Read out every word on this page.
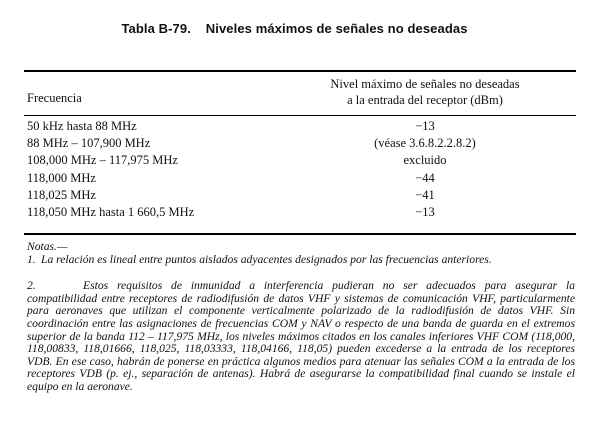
Tabla B-79.    Niveles máximos de señales no deseadas
Frecuencia
Nivel máximo de señales no deseadas
a la entrada del receptor (dBm)
50 kHz hasta 88 MHz	−13
88 MHz – 107,900 MHz	(véase 3.6.8.2.2.8.2)
108,000 MHz – 117,975 MHz	excluido
118,000 MHz	−44
118,025 MHz	−41
118,050 MHz hasta 1 660,5 MHz	−13

Notas.—

1. La relación es lineal entre puntos aislados adyacentes designados por las frecuencias anteriores.

2.	Estos requisitos de inmunidad a interferencia pudieran no ser adecuados para asegurar la compatibilidad entre receptores de radiodifusión de datos VHF y sistemas de comunicación VHF, particularmente para aeronaves que utilizan el componente verticalmente polarizado de la radiodifusión de datos VHF. Sin coordinación entre las asignaciones de frecuencias COM y NAV o respecto de una banda de guarda en el extremos superior de la banda 112 – 117,975 MHz, los niveles máximos citados en los canales inferiores VHF COM (118,000, 118,00833, 118,01666, 118,025, 118,03333, 118,04166, 118,05) pueden excederse a la entrada de los receptores VDB. En ese caso, habrán de ponerse en práctica algunos medios para atenuar las señales COM a la entrada de los receptores VDB (p. ej., separación de antenas). Habrá de asegurarse la compatibilidad final cuando se instale el equipo en la aeronave.
